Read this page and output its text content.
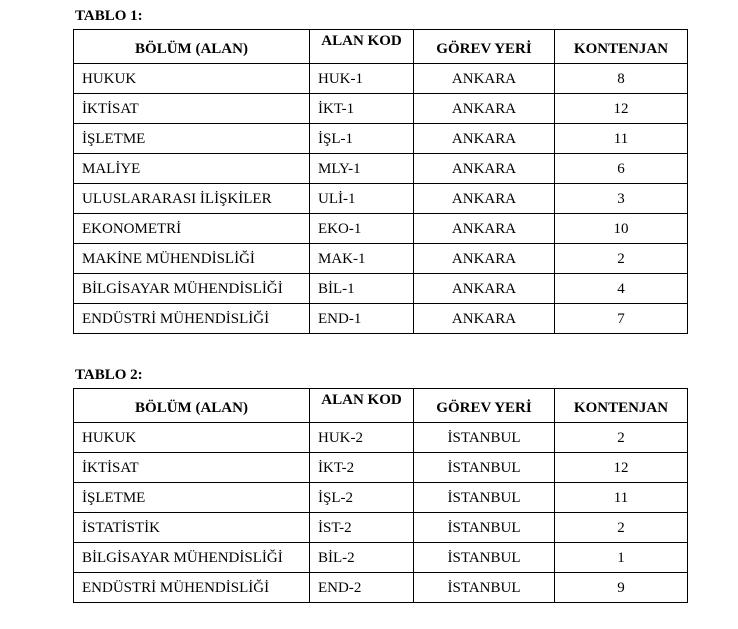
TABLO 1:
BÖLÜM (ALAN)	ALAN KOD	GÖREV YERİ	KONTENJAN
HUKUK	HUK-1	ANKARA	8
İKTİSAT	İKT-1	ANKARA	12
İŞLETME	İŞL-1	ANKARA	11
MALİYE	MLY-1	ANKARA	6
ULUSLARARASI İLİŞKİLER	ULİ-1	ANKARA	3
EKONOMETRİ	EKO-1	ANKARA	10
MAKİNE MÜHENDİSLİĞİ	MAK-1	ANKARA	2
BİLGİSAYAR MÜHENDİSLİĞİ	BİL-1	ANKARA	4
ENDÜSTRİ MÜHENDİSLİĞİ	END-1	ANKARA	7
TABLO 2:
BÖLÜM (ALAN)	ALAN KOD	GÖREV YERİ	KONTENJAN
HUKUK	HUK-2	İSTANBUL	2
İKTİSAT	İKT-2	İSTANBUL	12
İŞLETME	İŞL-2	İSTANBUL	11
İSTATİSTİK	İST-2	İSTANBUL	2
BİLGİSAYAR MÜHENDİSLİĞİ	BİL-2	İSTANBUL	1
ENDÜSTRİ MÜHENDİSLİĞİ	END-2	İSTANBUL	9
